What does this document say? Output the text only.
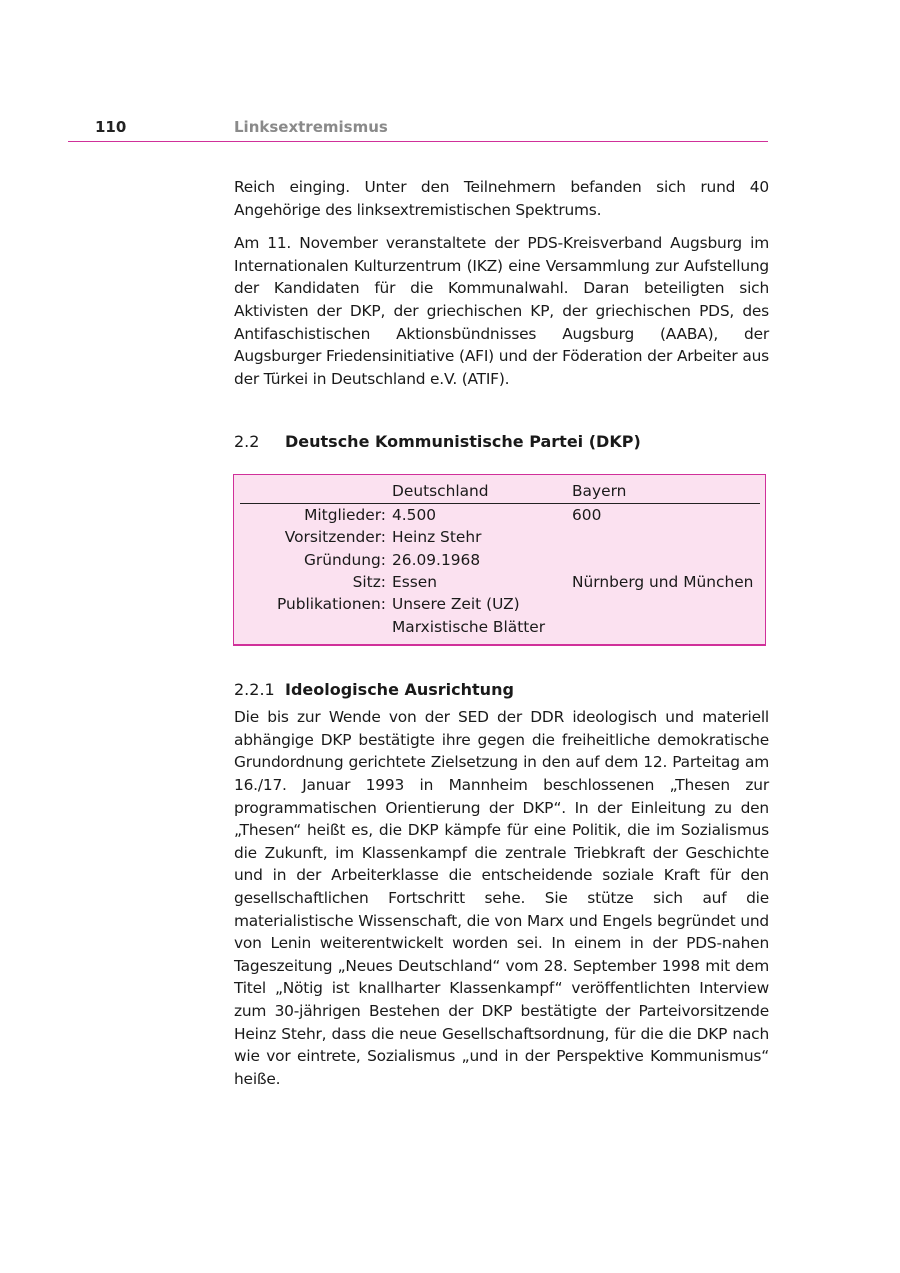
110	Linksextremismus

Reich einging. Unter den Teilnehmern befanden sich rund 40 Angehörige des linksextremistischen Spektrums.

Am 11. November veranstaltete der PDS-Kreisverband Augsburg im Internationalen Kulturzentrum (IKZ) eine Versammlung zur Aufstellung der Kandidaten für die Kommunalwahl. Daran beteiligten sich Aktivisten der DKP, der griechischen KP, der griechischen PDS, des Antifaschistischen Aktionsbündnisses Augsburg (AABA), der Augsburger Friedensinitiative (AFI) und der Föderation der Arbeiter aus der Türkei in Deutschland e.V. (ATIF).

2.2	Deutsche Kommunistische Partei (DKP)
	Deutschland	Bayern
Mitglieder:	4.500	600
Vorsitzender:	Heinz Stehr	
Gründung:	26.09.1968	
Sitz:	Essen	Nürnberg und München
Publikationen:	Unsere Zeit (UZ)	
	Marxistische Blätter	
2.2.1 Ideologische Ausrichtung

Die bis zur Wende von der SED der DDR ideologisch und materiell abhängige DKP bestätigte ihre gegen die freiheitliche demokratische Grundordnung gerichtete Zielsetzung in den auf dem 12. Parteitag am 16./17. Januar 1993 in Mannheim beschlossenen „Thesen zur programmatischen Orientierung der DKP“. In der Einleitung zu den „Thesen“ heißt es, die DKP kämpfe für eine Politik, die im Sozialismus die Zukunft, im Klassenkampf die zentrale Triebkraft der Geschichte und in der Arbeiterklasse die entscheidende soziale Kraft für den gesellschaftlichen Fortschritt sehe. Sie stütze sich auf die materialistische Wissenschaft, die von Marx und Engels begründet und von Lenin weiterentwickelt worden sei. In einem in der PDS-nahen Tageszeitung „Neues Deutschland“ vom 28. September 1998 mit dem Titel „Nötig ist knallharter Klassenkampf“ veröffentlichten Interview zum 30-jährigen Bestehen der DKP bestätigte der Parteivorsitzende Heinz Stehr, dass die neue Gesellschaftsordnung, für die die DKP nach wie vor eintrete, Sozialismus „und in der Perspektive Kommunismus“ heiße.
